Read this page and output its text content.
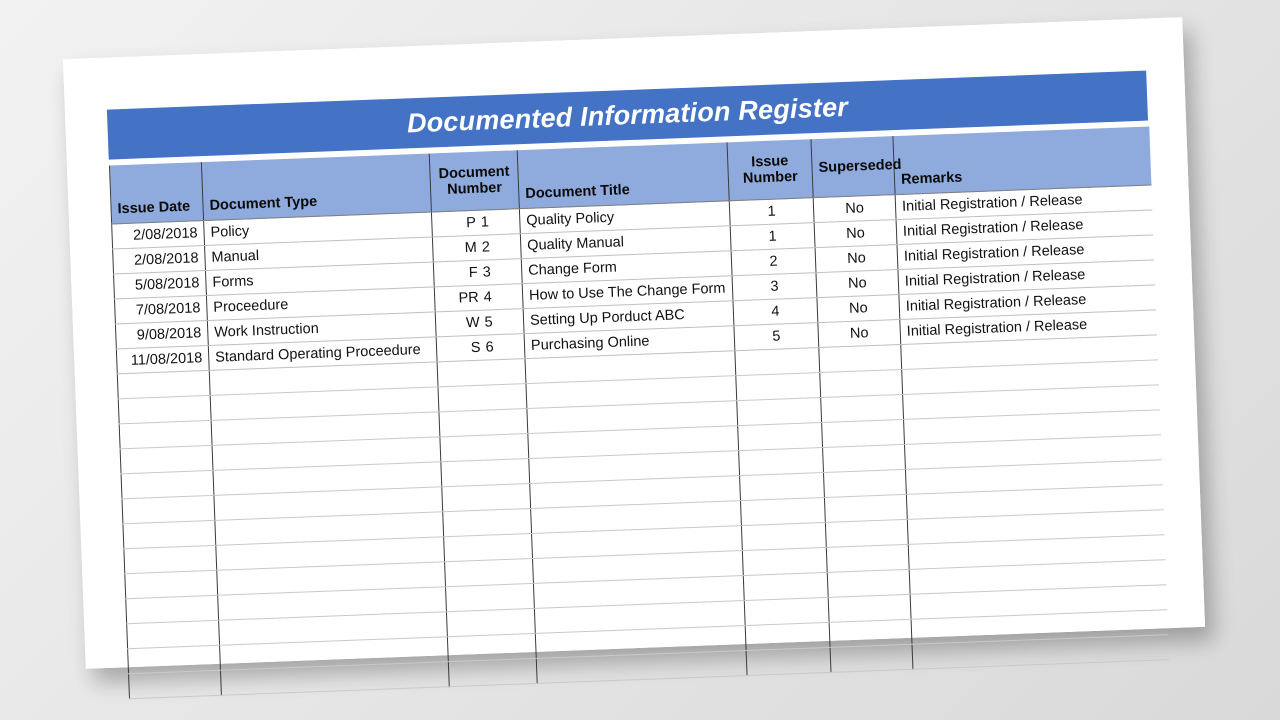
Documented Information Register
Issue Date	Document Type	Document Number		Document Title	Issue Number	Superseded	Remarks
2/08/2018	Policy	P	1	Quality Policy	1	No	Initial Registration / Release
2/08/2018	Manual	M	2	Quality Manual	1	No	Initial Registration / Release
5/08/2018	Forms	F	3	Change Form	2	No	Initial Registration / Release
7/08/2018	Proceedure	PR	4	How to Use The Change Form	3	No	Initial Registration / Release
9/08/2018	Work Instruction	W	5	Setting Up Porduct ABC	4	No	Initial Registration / Release
11/08/2018	Standard Operating Proceedure	S	6	Purchasing Online	5	No	Initial Registration / Release
